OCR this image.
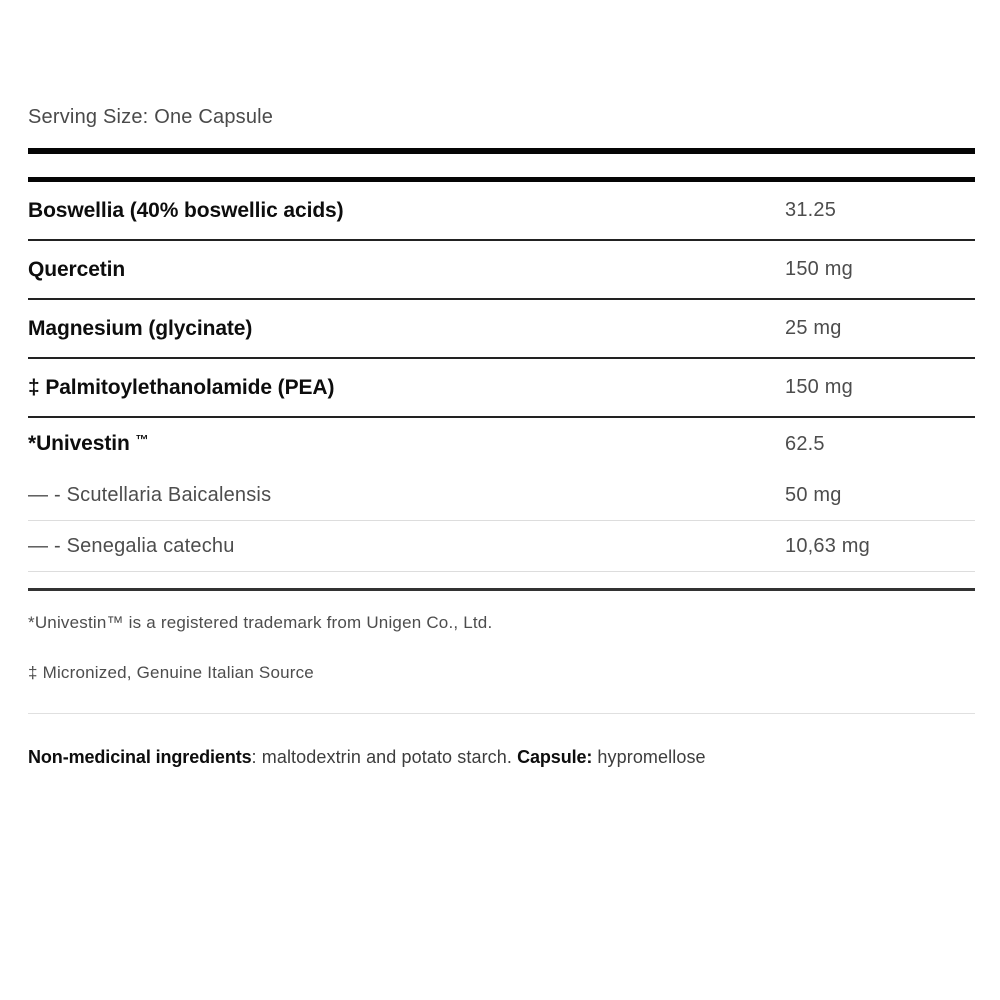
Serving Size: One Capsule
Boswellia (40% boswellic acids)	31.25
Quercetin	150 mg
Magnesium (glycinate)	25 mg
‡ Palmitoylethanolamide (PEA)	150 mg
*Univestin ™	62.5
— - Scutellaria Baicalensis	50 mg
— - Senegalia catechu	10,63 mg
*Univestin™ is a registered trademark from Unigen Co., Ltd.
‡ Micronized, Genuine Italian Source
Non-medicinal ingredients: maltodextrin and potato starch. Capsule: hypromellose
